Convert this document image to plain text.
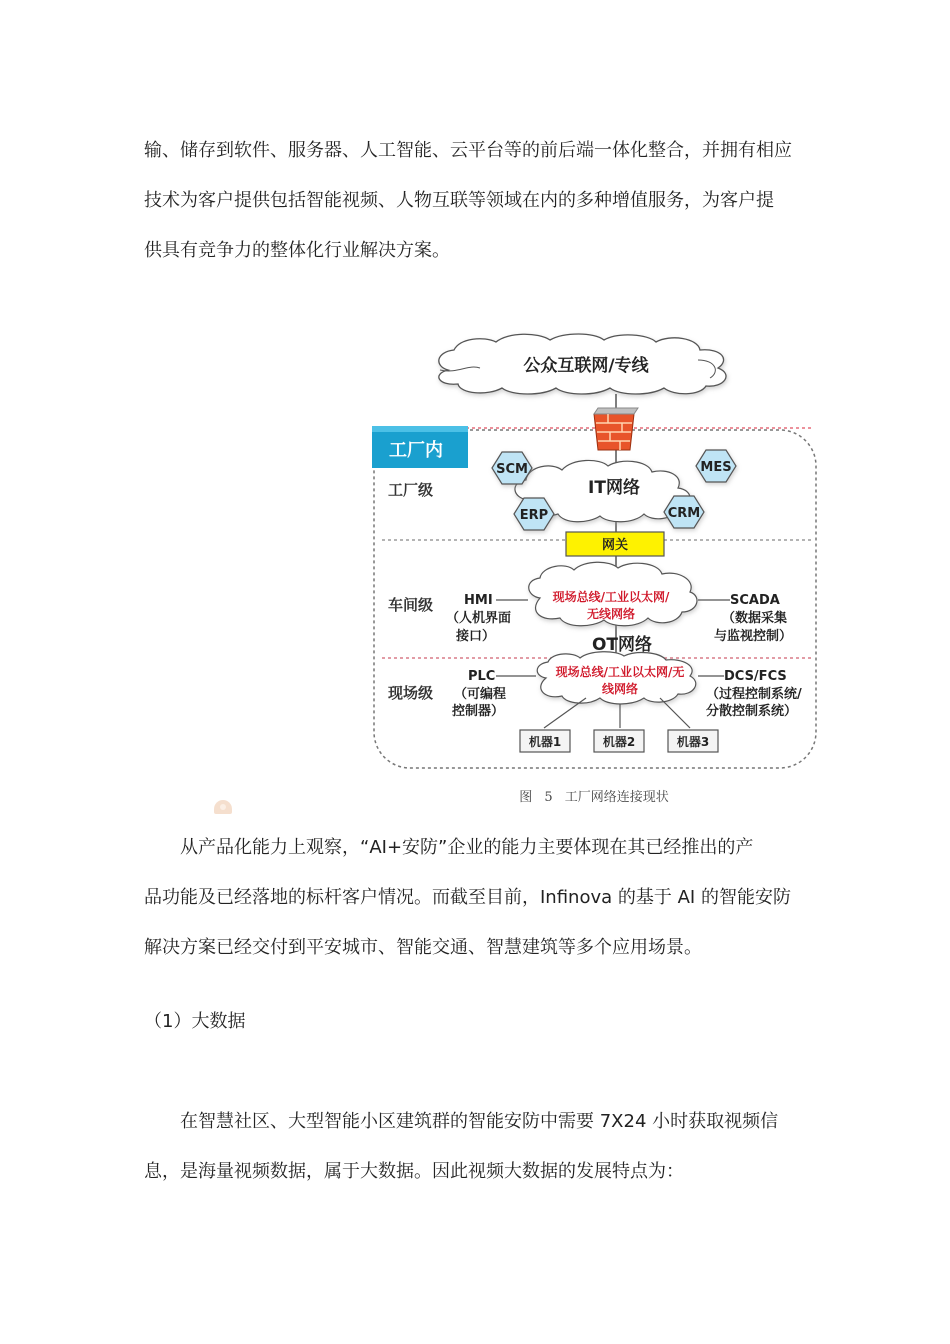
输、储存到软件、服务器、人工智能、云平台等的前后端一体化整合，并拥有相应

技术为客户提供包括智能视频、人物互联等领域在内的多种增值服务，为客户提

供具有竞争力的整体化行业解决方案。

公众互联网/专线
工厂内
工厂级
车间级
现场级
IT网络
SCM	MES
ERP	CRM
网关
现场总线/工业以太网/
无线网络
OT网络
HMI
（人机界面
接口）
SCADA
（数据采集
与监视控制）
现场总线/工业以太网/无
线网络
PLC
（可编程
控制器）
DCS/FCS
（过程控制系统/
分散控制系统）
机器1	机器2	机器3
图 5 工厂网络连接现状

从产品化能力上观察，“AI+安防”企业的能力主要体现在其已经推出的产

品功能及已经落地的标杆客户情况。而截至目前，Infinova 的基于 AI 的智能安防

解决方案已经交付到平安城市、智能交通、智慧建筑等多个应用场景。

（1）大数据

在智慧社区、大型智能小区建筑群的智能安防中需要 7X24 小时获取视频信

息，是海量视频数据，属于大数据。因此视频大数据的发展特点为：
